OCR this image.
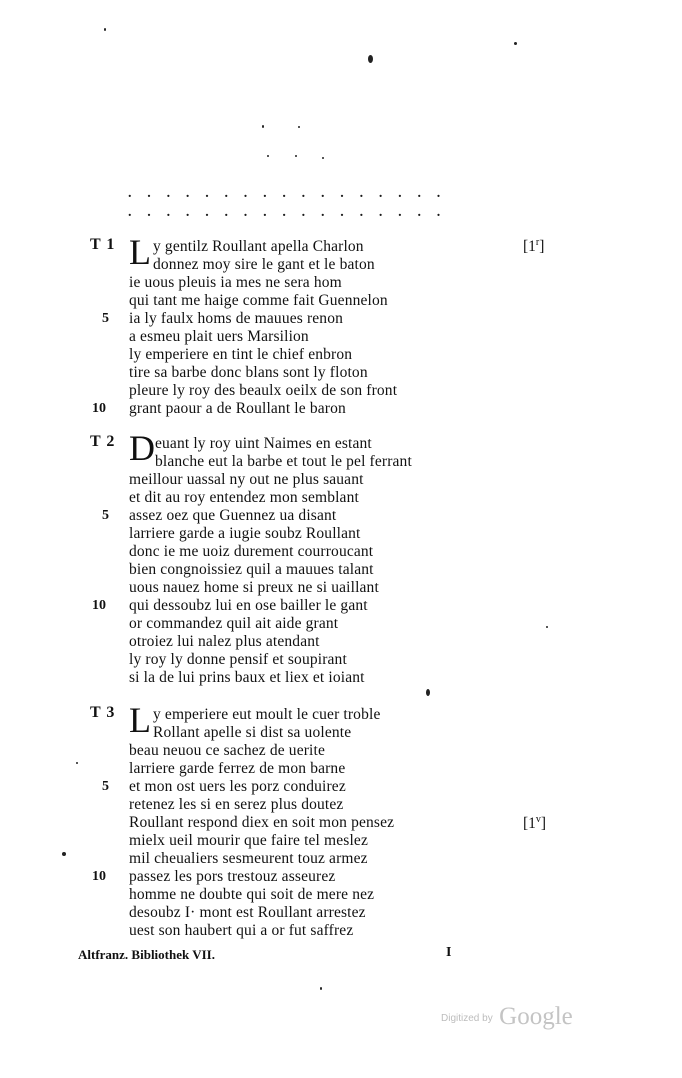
. . . . . . . . . . . . . . . . .
. . . . . . . . . . . . . . . . .
T 1 L	[1$^r$]
y gentilz Roullant apella Charlon
donnez moy sire le gant et le baton
ie uous pleuis ia mes ne sera hom
qui tant me haige comme fait Guennelon
5 ia ly faulx homs de mauues renon
a esmeu plait uers Marsilion
ly emperiere en tint le chief enbron
tire sa barbe donc blans sont ly floton
pleure ly roy des beaulx oeilx de son front
10 grant paour a de Roullant le baron
T 2 D euant ly roy uint Naimes en estant
blanche eut la barbe et tout le pel ferrant
meillour uassal ny out ne plus sauant
et dit au roy entendez mon semblant
5 assez oez que Guennez ua disant
larriere garde a iugie soubz Roullant
donc ie me uoiz durement courroucant
bien congnoissiez quil a mauues talant
uous nauez home si preux ne si uaillant
10 qui dessoubz lui en ose bailler le gant
or commandez quil ait aide grant
otroiez lui nalez plus atendant
ly roy ly donne pensif et soupirant
si la de lui prins baux et liex et ioiant
T 3 L
[1$^v$]
y emperiere eut moult le cuer troble
Rollant apelle si dist sa uolente
beau neuou ce sachez de uerite
larriere garde ferrez de mon barne
5 et mon ost uers les porz conduirez
retenez les si en serez plus doutez
Roullant respond diex en soit mon pensez
mielx ueil mourir que faire tel meslez
mil cheualiers sesmeurent touz armez
10 passez les pors trestouz asseurez
homme ne doubte qui soit de mere nez
desoubz I· mont est Roullant arrestez
uest son haubert qui a or fut saffrez
Altfranz. Bibliothek VII.	I
Digitized by Google
